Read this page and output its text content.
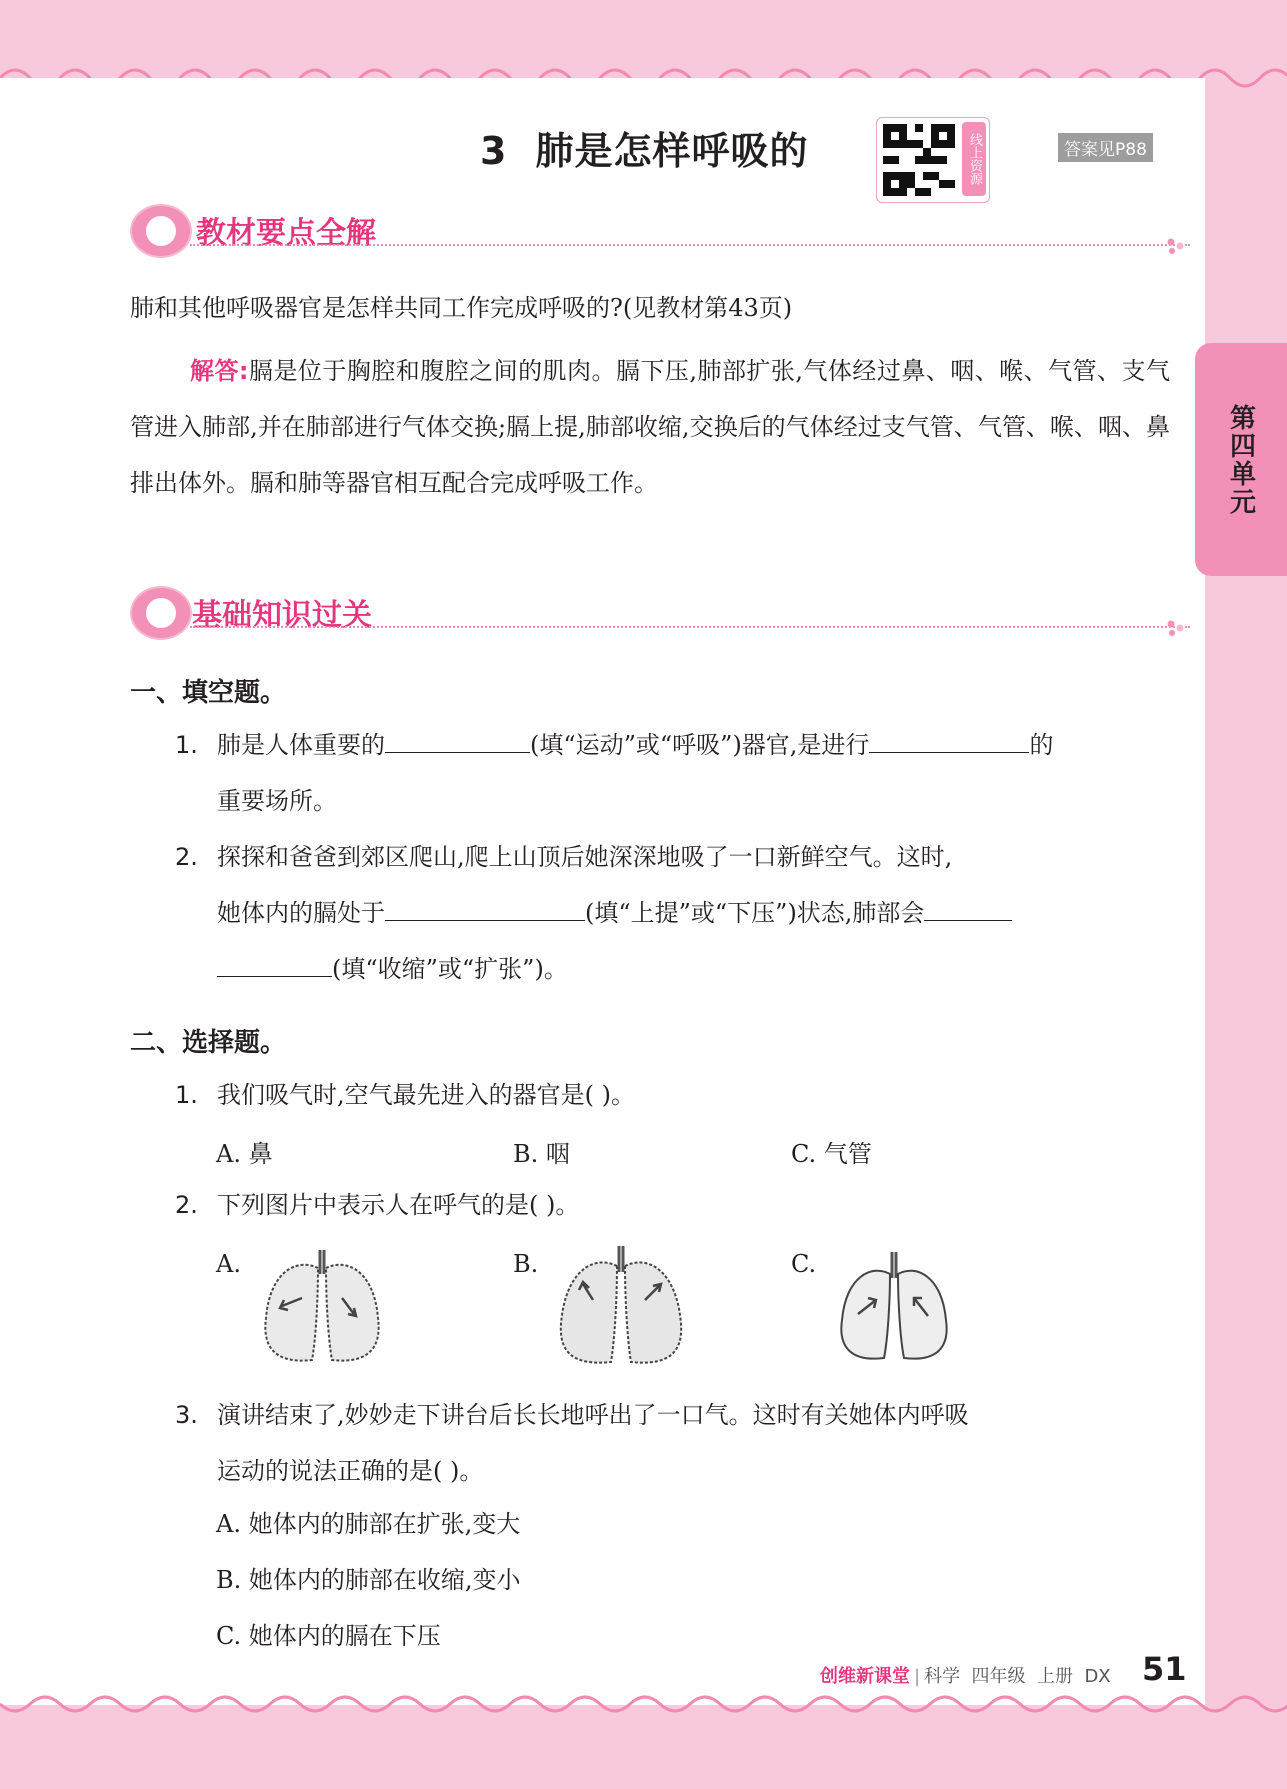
第四单元
3 肺是怎样呼吸的	线上资源	答案见P88
教材要点全解
肺和其他呼吸器官是怎样共同工作完成呼吸的?(见教材第43页)
解答:膈是位于胸腔和腹腔之间的肌肉。膈下压,肺部扩张,气体经过鼻、咽、喉、气管、支气管进入肺部,并在肺部进行气体交换;膈上提,肺部收缩,交换后的气体经过支气管、气管、喉、咽、鼻排出体外。膈和肺等器官相互配合完成呼吸工作。
基础知识过关
一、填空题。
1. 肺是人体重要的	(填“运动”或“呼吸”)器官,是进行	的
重要场所。
2. 探探和爸爸到郊区爬山,爬上山顶后她深深地吸了一口新鲜空气。这时,
她体内的膈处于	(填“上提”或“下压”)状态,肺部会
(填“收缩”或“扩张”)。
二、选择题。
1. 我们吸气时,空气最先进入的器官是( )。
A. 鼻	B. 咽	C. 气管
2. 下列图片中表示人在呼气的是( )。
A.	B.	C.
3. 演讲结束了,妙妙走下讲台后长长地呼出了一口气。这时有关她体内呼吸
运动的说法正确的是( )。
A. 她体内的肺部在扩张,变大
B. 她体内的肺部在收缩,变小
C. 她体内的膈在下压
创维新课堂 | 科学 四年级 上册 DX 51
